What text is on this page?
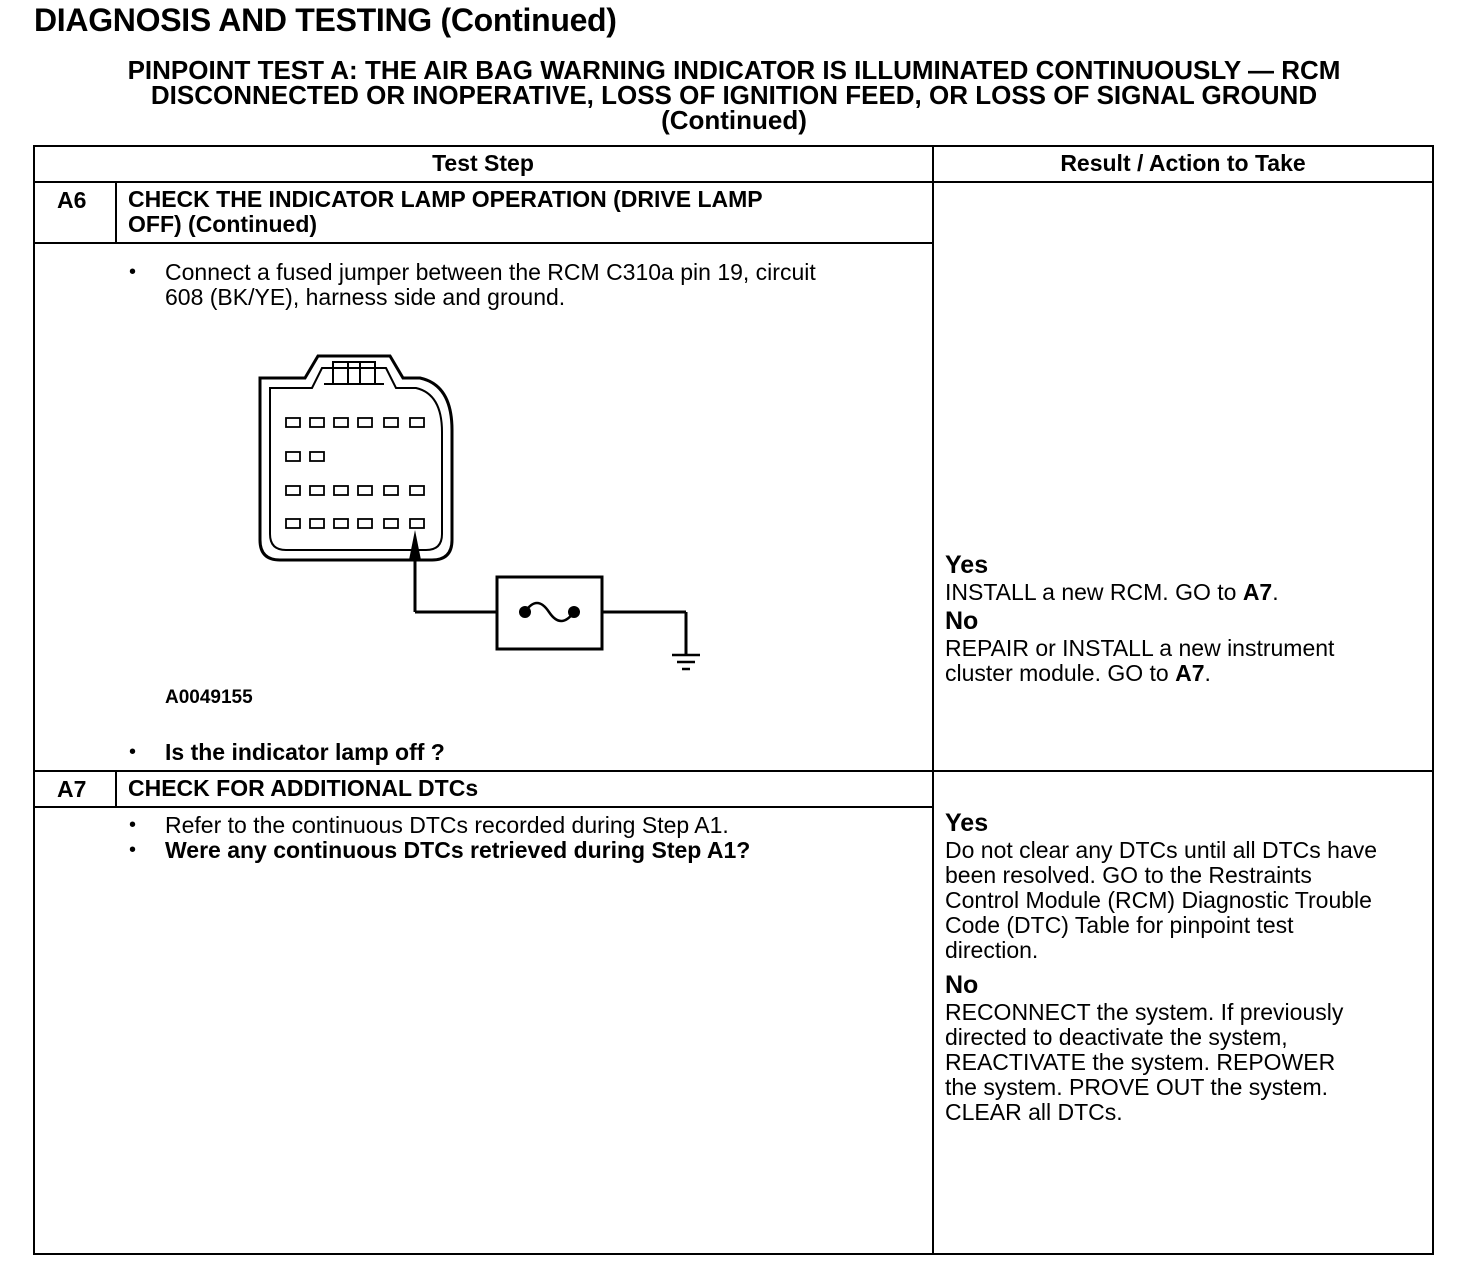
DIAGNOSIS AND TESTING (Continued)
PINPOINT TEST A: THE AIR BAG WARNING INDICATOR IS ILLUMINATED CONTINUOUSLY — RCM
DISCONNECTED OR INOPERATIVE, LOSS OF IGNITION FEED, OR LOSS OF SIGNAL GROUND
(Continued)
Test Step	Result / Action to Take
A6 CHECK THE INDICATOR LAMP OPERATION (DRIVE LAMP
OFF) (Continued)
• Connect a fused jumper between the RCM C310a pin 19, circuit
608 (BK/YE), harness side and ground.
A0049155
• Is the indicator lamp off ?
Yes
INSTALL a new RCM. GO to A7.
No
REPAIR or INSTALL a new instrument
cluster module. GO to A7.
A7 CHECK FOR ADDITIONAL DTCs
• Refer to the continuous DTCs recorded during Step A1.
• Were any continuous DTCs retrieved during Step A1?
Yes
Do not clear any DTCs until all DTCs have
been resolved. GO to the Restraints
Control Module (RCM) Diagnostic Trouble
Code (DTC) Table for pinpoint test
direction.
No
RECONNECT the system. If previously
directed to deactivate the system,
REACTIVATE the system. REPOWER
the system. PROVE OUT the system.
CLEAR all DTCs.
